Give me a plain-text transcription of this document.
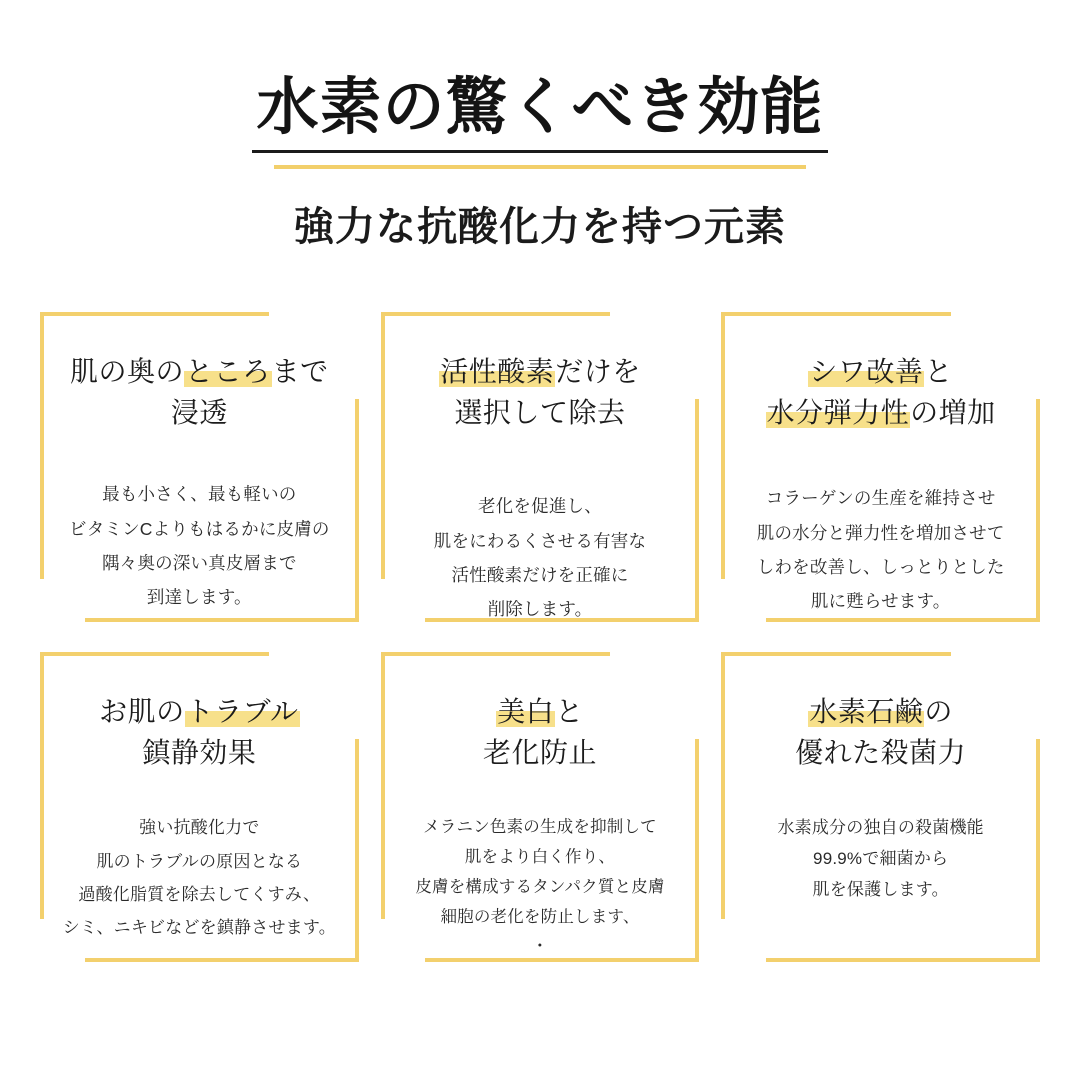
水素の驚くべき効能
強力な抗酸化力を持つ元素
肌の奥のところまで
浸透
最も小さく、最も軽いの
ビタミンCよりもはるかに皮膚の
隅々奥の深い真皮層まで
到達します。
活性酸素だけを
選択して除去
老化を促進し、
肌をにわるくさせる有害な
活性酸素だけを正確に
削除します。
シワ改善と
水分弾力性の増加
コラーゲンの生産を維持させ
肌の水分と弾力性を増加させて
しわを改善し、しっとりとした
肌に甦らせます。
お肌のトラブル
鎮静効果
強い抗酸化力で
肌のトラブルの原因となる
過酸化脂質を除去してくすみ、
シミ、ニキビなどを鎮静させます。
美白と
老化防止
メラニン色素の生成を抑制して
肌をより白く作り、
皮膚を構成するタンパク質と皮膚
細胞の老化を防止します、
・
水素石鹸の
優れた殺菌力
水素成分の独自の殺菌機能
99.9%で細菌から
肌を保護します。
